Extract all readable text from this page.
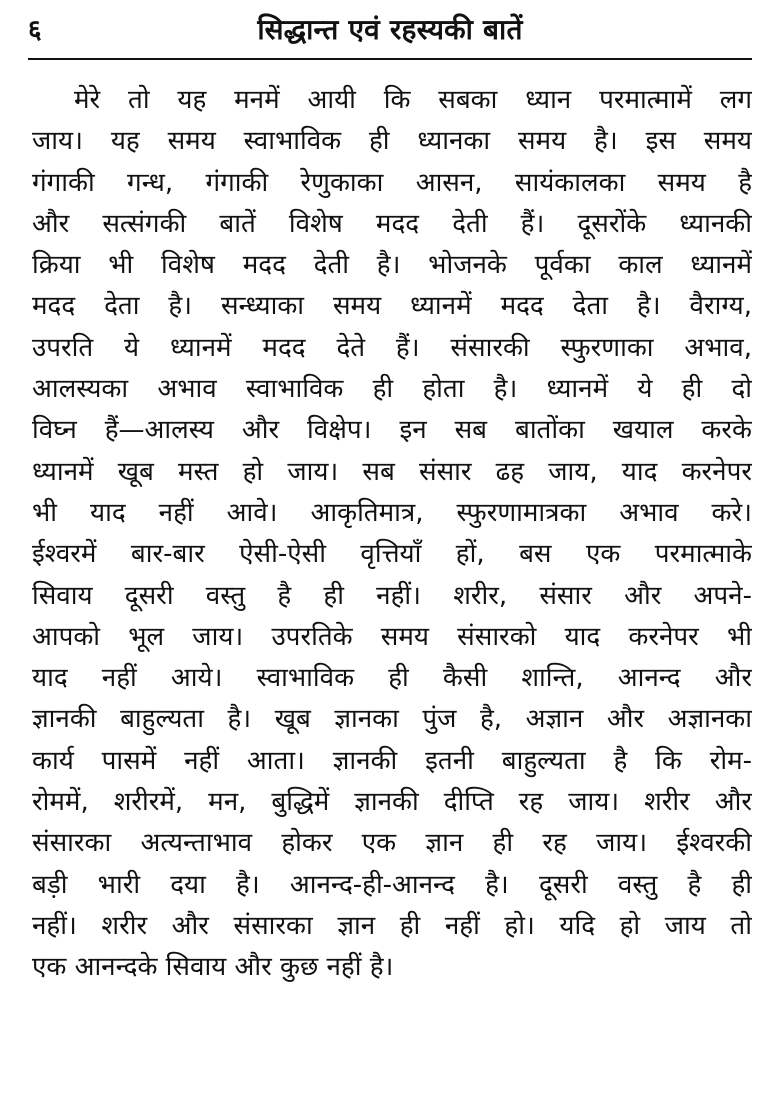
६	सिद्धान्त एवं रहस्यकी बातें
मेरे तो यह मनमें आयी कि सबका ध्यान परमात्मामें लग
जाय। यह समय स्वाभाविक ही ध्यानका समय है। इस समय
गंगाकी गन्ध, गंगाकी रेणुकाका आसन, सायंकालका समय है
और सत्संगकी बातें विशेष मदद देती हैं। दूसरोंके ध्यानकी
क्रिया भी विशेष मदद देती है। भोजनके पूर्वका काल ध्यानमें
मदद देता है। सन्ध्याका समय ध्यानमें मदद देता है। वैराग्य,
उपरति ये ध्यानमें मदद देते हैं। संसारकी स्फुरणाका अभाव,
आलस्यका अभाव स्वाभाविक ही होता है। ध्यानमें ये ही दो
विघ्न हैं—आलस्य और विक्षेप। इन सब बातोंका खयाल करके
ध्यानमें खूब मस्त हो जाय। सब संसार ढह जाय, याद करनेपर
भी याद नहीं आवे। आकृतिमात्र, स्फुरणामात्रका अभाव करे।
ईश्वरमें बार-बार ऐसी-ऐसी वृत्तियाँ हों, बस एक परमात्माके
सिवाय दूसरी वस्तु है ही नहीं। शरीर, संसार और अपने-
आपको भूल जाय। उपरतिके समय संसारको याद करनेपर भी
याद नहीं आये। स्वाभाविक ही कैसी शान्ति, आनन्द और
ज्ञानकी बाहुल्यता है। खूब ज्ञानका पुंज है, अज्ञान और अज्ञानका
कार्य पासमें नहीं आता। ज्ञानकी इतनी बाहुल्यता है कि रोम-
रोममें, शरीरमें, मन, बुद्धिमें ज्ञानकी दीप्ति रह जाय। शरीर और
संसारका अत्यन्ताभाव होकर एक ज्ञान ही रह जाय। ईश्वरकी
बड़ी भारी दया है। आनन्द-ही-आनन्द है। दूसरी वस्तु है ही
नहीं। शरीर और संसारका ज्ञान ही नहीं हो। यदि हो जाय तो
एक आनन्दके सिवाय और कुछ नहीं है।
